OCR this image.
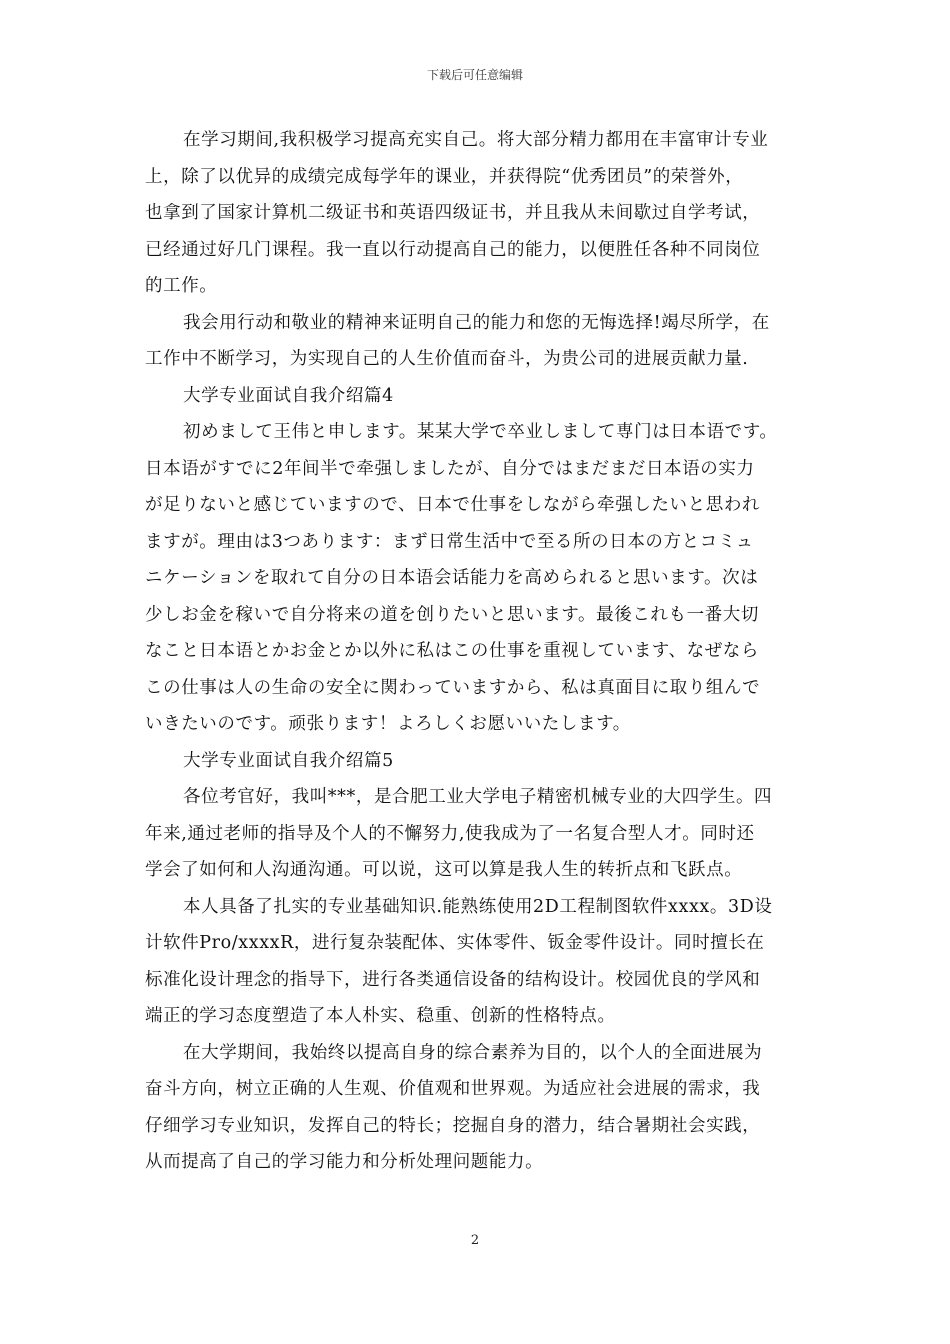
下载后可任意编辑
在学习期间,我积极学习提高充实自己。将大部分精力都用在丰富审计专业
上，除了以优异的成绩完成每学年的课业，并获得院“优秀团员”的荣誉外，
也拿到了国家计算机二级证书和英语四级证书，并且我从未间歇过自学考试，
已经通过好几门课程。我一直以行动提高自己的能力，以便胜任各种不同岗位
的工作。
我会用行动和敬业的精神来证明自己的能力和您的无悔选择!竭尽所学，在
工作中不断学习，为实现自己的人生价值而奋斗，为贵公司的进展贡献力量.
大学专业面试自我介绍篇4
初めまして王伟と申します。某某大学で卒业しまして専门は日本语です。
日本语がすでに2年间半で牵强しましたが、自分ではまだまだ日本语の实力
が足りないと感じていますので、日本で仕事をしながら牵强したいと思われ
ますが。理由は3つあります：まず日常生活中で至る所の日本の方とコミュ
ニケーションを取れて自分の日本语会话能力を高められると思います。次は
少しお金を稼いで自分将来の道を创りたいと思います。最後これも一番大切
なこと日本语とかお金とか以外に私はこの仕事を重视しています、なぜなら
この仕事は人の生命の安全に関わっていますから、私は真面目に取り组んで
いきたいのです。顽张ります！よろしくお愿いいたします。
大学专业面试自我介绍篇5
各位考官好，我叫***，是合肥工业大学电子精密机械专业的大四学生。四
年来,通过老师的指导及个人的不懈努力,使我成为了一名复合型人才。同时还
学会了如何和人沟通沟通。可以说，这可以算是我人生的转折点和飞跃点。
本人具备了扎实的专业基础知识.能熟练使用2D工程制图软件xxxx。3D设
计软件Pro/xxxxR，进行复杂装配体、实体零件、钣金零件设计。同时擅长在
标准化设计理念的指导下，进行各类通信设备的结构设计。校园优良的学风和
端正的学习态度塑造了本人朴实、稳重、创新的性格特点。
在大学期间，我始终以提高自身的综合素养为目的，以个人的全面进展为
奋斗方向，树立正确的人生观、价值观和世界观。为适应社会进展的需求，我
仔细学习专业知识，发挥自己的特长；挖掘自身的潜力，结合暑期社会实践，
从而提高了自己的学习能力和分析处理问题能力。
2
